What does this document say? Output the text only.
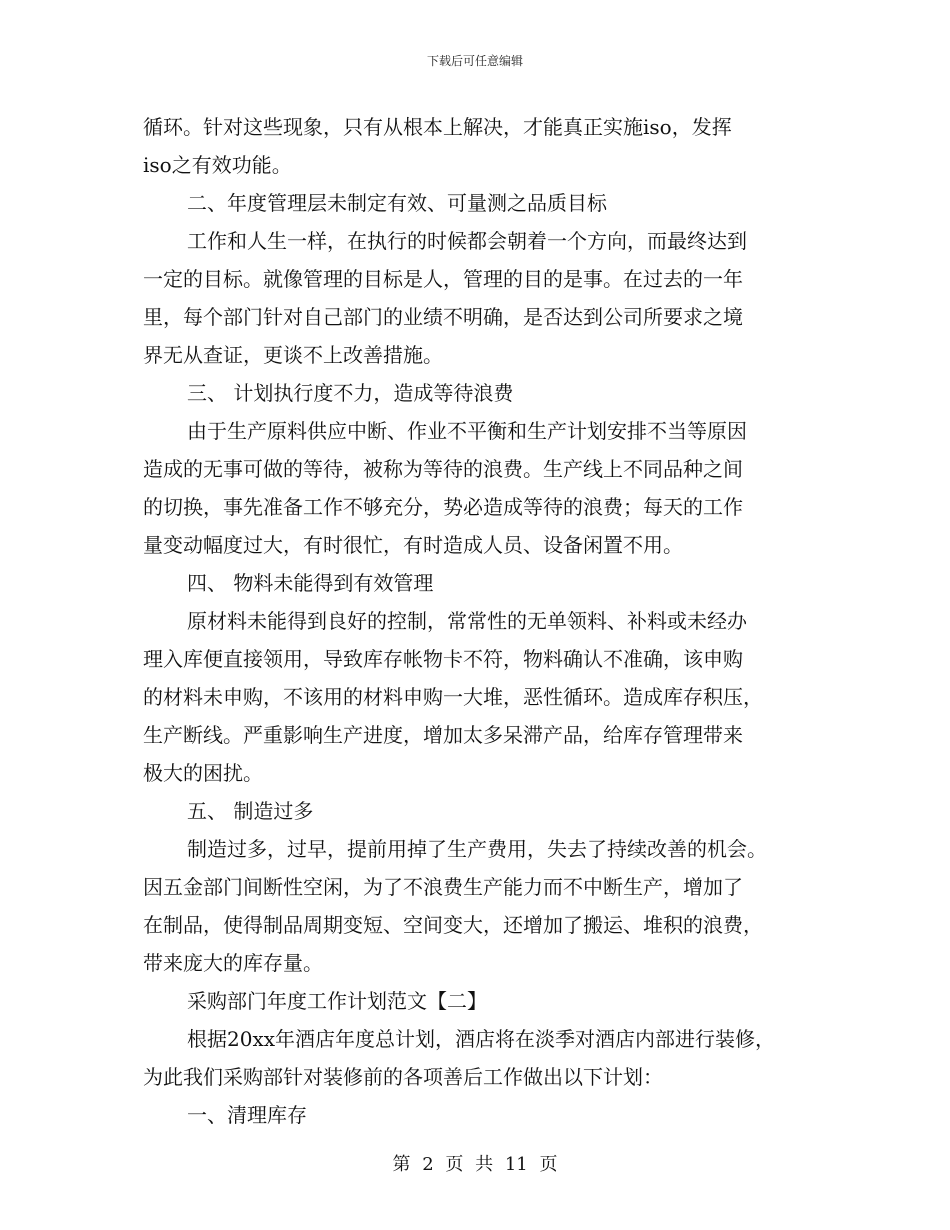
下载后可任意编辑
循环。针对这些现象，只有从根本上解决，才能真正实施iso，发挥
iso之有效功能。
二、年度管理层未制定有效、可量测之品质目标
工作和人生一样，在执行的时候都会朝着一个方向，而最终达到
一定的目标。就像管理的目标是人，管理的目的是事。在过去的一年
里，每个部门针对自己部门的业绩不明确，是否达到公司所要求之境
界无从查证，更谈不上改善措施。
三、 计划执行度不力，造成等待浪费
由于生产原料供应中断、作业不平衡和生产计划安排不当等原因
造成的无事可做的等待，被称为等待的浪费。生产线上不同品种之间
的切换，事先准备工作不够充分，势必造成等待的浪费；每天的工作
量变动幅度过大，有时很忙，有时造成人员、设备闲置不用。
四、 物料未能得到有效管理
原材料未能得到良好的控制，常常性的无单领料、补料或未经办
理入库便直接领用，导致库存帐物卡不符，物料确认不准确，该申购
的材料未申购，不该用的材料申购一大堆，恶性循环。造成库存积压，
生产断线。严重影响生产进度，增加太多呆滞产品，给库存管理带来
极大的困扰。
五、 制造过多
制造过多，过早，提前用掉了生产费用，失去了持续改善的机会。
因五金部门间断性空闲，为了不浪费生产能力而不中断生产，增加了
在制品，使得制品周期变短、空间变大，还增加了搬运、堆积的浪费，
带来庞大的库存量。
采购部门年度工作计划范文【二】
根据20xx年酒店年度总计划，酒店将在淡季对酒店内部进行装修，
为此我们采购部针对装修前的各项善后工作做出以下计划：
一、清理库存
第 2 页 共 11 页
